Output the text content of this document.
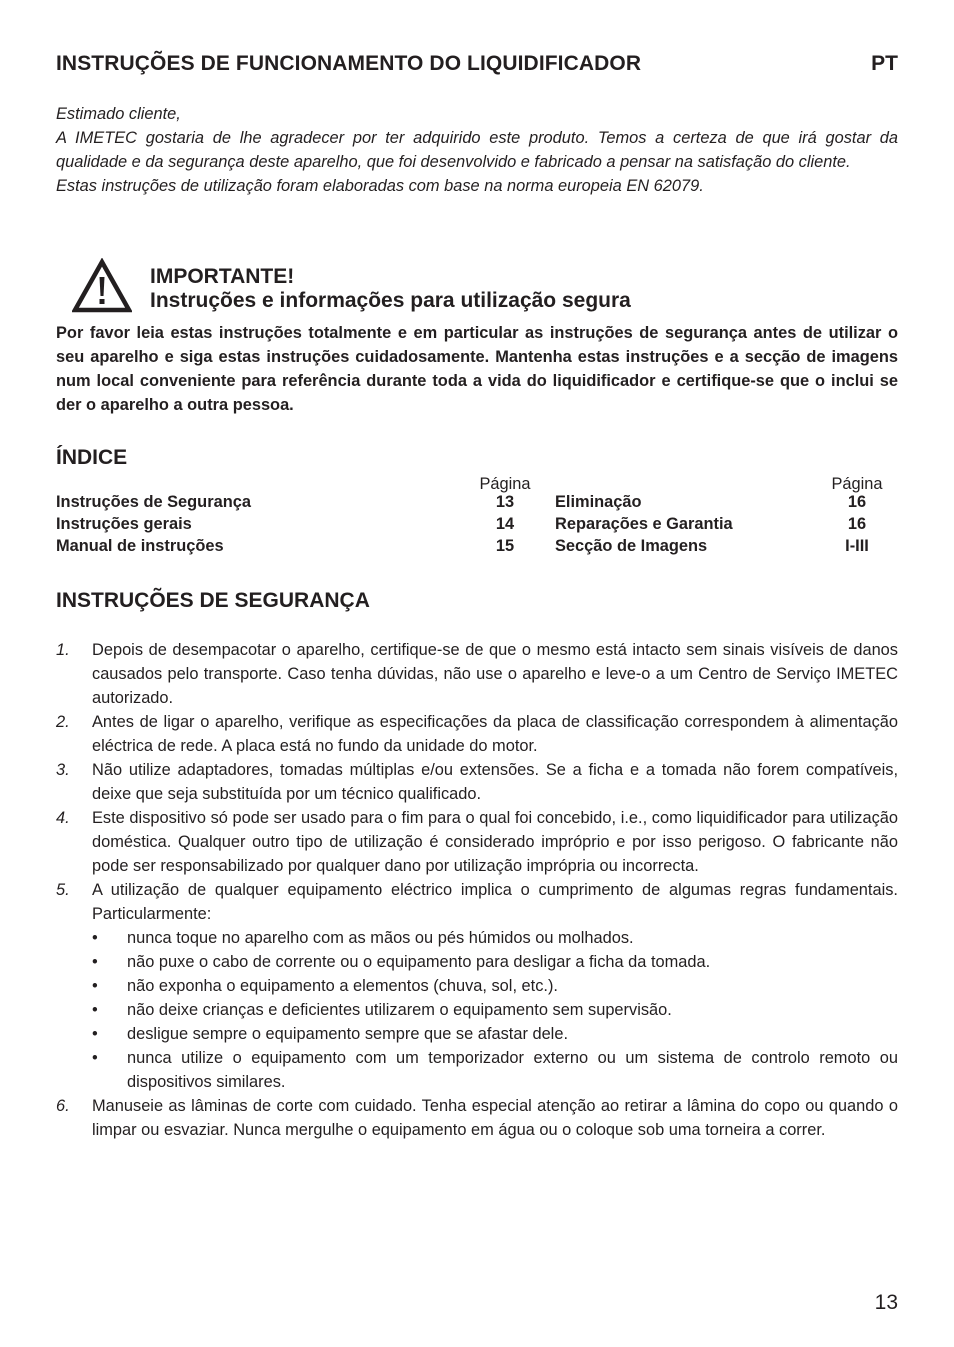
INSTRUÇÕES DE FUNCIONAMENTO DO LIQUIDIFICADOR	PT

Estimado cliente,

A IMETEC gostaria de lhe agradecer por ter adquirido este produto. Temos a certeza de que irá gostar da qualidade e da segurança deste aparelho, que foi desenvolvido e fabricado a pensar na satisfação do cliente.

Estas instruções de utilização foram elaboradas com base na norma europeia EN 62079.

IMPORTANTE!
Instruções e informações para utilização segura
Por favor leia estas instruções totalmente e em particular as instruções de segurança antes de utilizar o seu aparelho e siga estas instruções cuidadosamente. Mantenha estas instruções e a secção de imagens num local conveniente para referência durante toda a vida do liquidificador e certifique-se que o inclui se der o aparelho a outra pessoa.
ÍNDICE
Página	Página
Instruções de Segurança	13
Instruções gerais	14
Manual de instruções	15
Eliminação	16
Reparações e Garantia	16
Secção de Imagens	I-III
INSTRUÇÕES DE SEGURANÇA
1. Depois de desempacotar o aparelho, certifique-se de que o mesmo está intacto sem sinais visíveis de danos causados pelo transporte. Caso tenha dúvidas, não use o aparelho e leve-o a um Centro de Serviço IMETEC autorizado.
2. Antes de ligar o aparelho, verifique as especificações da placa de classificação correspondem à alimentação eléctrica de rede. A placa está no fundo da unidade do motor.
3. Não utilize adaptadores, tomadas múltiplas e/ou extensões. Se a ficha e a tomada não forem compatíveis, deixe que seja substituída por um técnico qualificado.
4. Este dispositivo só pode ser usado para o fim para o qual foi concebido, i.e., como liquidificador para utilização doméstica. Qualquer outro tipo de utilização é considerado impróprio e por isso perigoso. O fabricante não pode ser responsabilizado por qualquer dano por utilização imprópria ou incorrecta.
5. A utilização de qualquer equipamento eléctrico implica o cumprimento de algumas regras fundamentais. Particularmente:
• nunca toque no aparelho com as mãos ou pés húmidos ou molhados.
• não puxe o cabo de corrente ou o equipamento para desligar a ficha da tomada.
• não exponha o equipamento a elementos (chuva, sol, etc.).
• não deixe crianças e deficientes utilizarem o equipamento sem supervisão.
• desligue sempre o equipamento sempre que se afastar dele.
• nunca utilize o equipamento com um temporizador externo ou um sistema de controlo remoto ou dispositivos similares.
6. Manuseie as lâminas de corte com cuidado. Tenha especial atenção ao retirar a lâmina do copo ou quando o limpar ou esvaziar. Nunca mergulhe o equipamento em água ou o coloque sob uma torneira a correr.
13
